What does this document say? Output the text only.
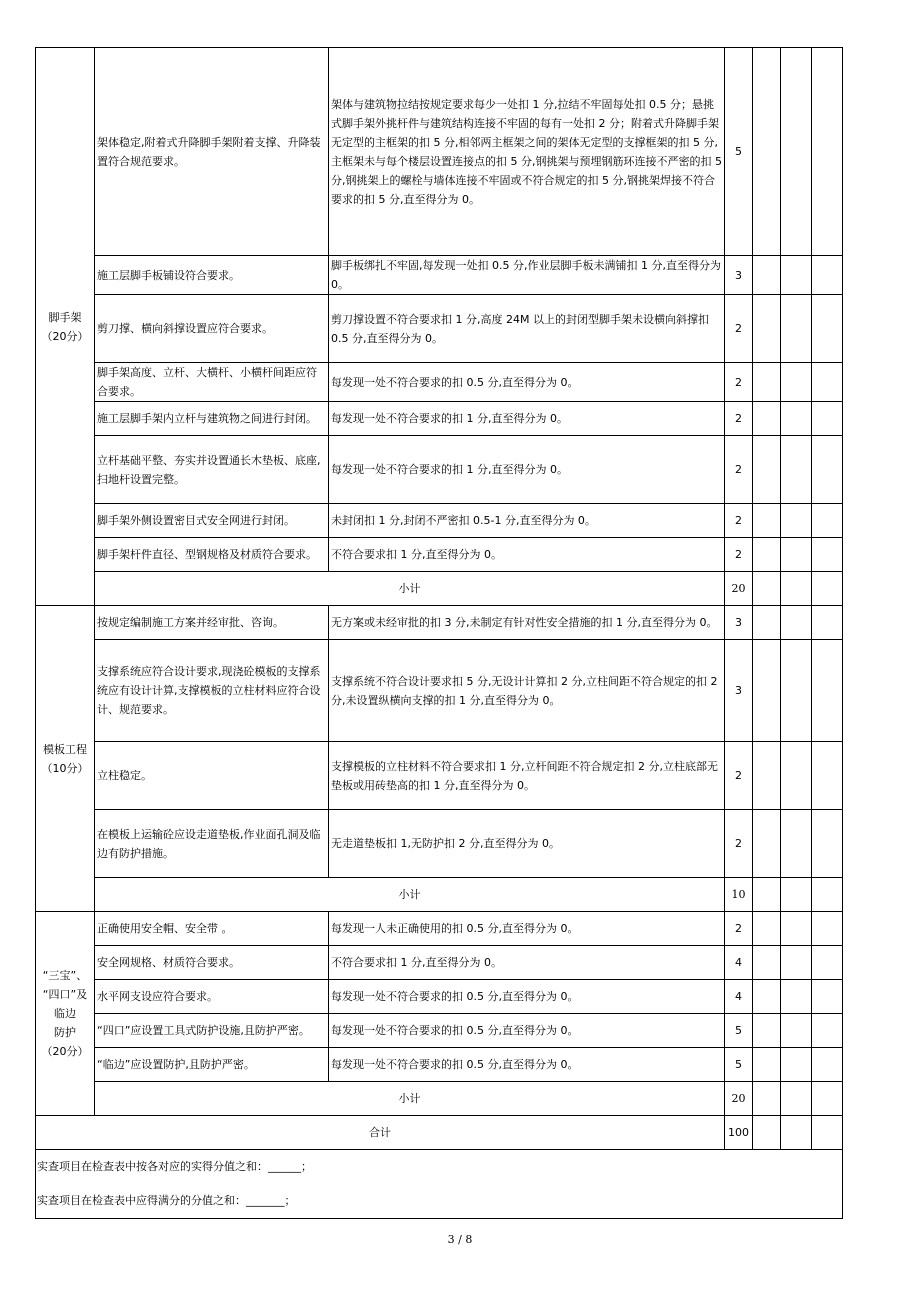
脚手架
（20分）	架体稳定,附着式升降脚手架附着支撑、升降装置符合规范要求。	架体与建筑物拉结按规定要求每少一处扣 1 分,拉结不牢固每处扣 0.5 分；悬挑式脚手架外挑杆件与建筑结构连接不牢固的每有一处扣 2 分；附着式升降脚手架无定型的主框架的扣 5 分,相邻两主框架之间的架体无定型的支撑框架的扣 5 分,主框架未与每个楼层设置连接点的扣 5 分,钢挑架与预埋钢筋环连接不严密的扣 5 分,钢挑架上的螺栓与墙体连接不牢固或不符合规定的扣 5 分,钢挑架焊接不符合要求的扣 5 分,直至得分为 0。	5			
	施工层脚手板铺设符合要求。	脚手板绑扎不牢固,每发现一处扣 0.5 分,作业层脚手板未满铺扣 1 分,直至得分为 0。	3			
	剪刀撑、横向斜撑设置应符合要求。	剪刀撑设置不符合要求扣 1 分,高度 24M 以上的封闭型脚手架未设横向斜撑扣 0.5 分,直至得分为 0。	2			
	脚手架高度、立杆、大横杆、小横杆间距应符合要求。	每发现一处不符合要求的扣 0.5 分,直至得分为 0。	2			
	施工层脚手架内立杆与建筑物之间进行封闭。	每发现一处不符合要求的扣 1 分,直至得分为 0。	2			
	立杆基础平整、夯实并设置通长木垫板、底座,扫地杆设置完整。	每发现一处不符合要求的扣 1 分,直至得分为 0。	2			
	脚手架外侧设置密目式安全网进行封闭。	未封闭扣 1 分,封闭不严密扣 0.5-1 分,直至得分为 0。	2			
	脚手架杆件直径、型钢规格及材质符合要求。	不符合要求扣 1 分,直至得分为 0。	2			
	小计		20			

模板工程
（10分）	按规定编制施工方案并经审批、咨询。	无方案或未经审批的扣 3 分,未制定有针对性安全措施的扣 1 分,直至得分为 0。	3			
	支撑系统应符合设计要求,现浇砼模板的支撑系统应有设计计算,支撑模板的立柱材料应符合设计、规范要求。	支撑系统不符合设计要求扣 5 分,无设计计算扣 2 分,立柱间距不符合规定的扣 2 分,未设置纵横向支撑的扣 1 分,直至得分为 0。	3			
	立柱稳定。	支撑模板的立柱材料不符合要求扣 1 分,立杆间距不符合规定扣 2 分,立柱底部无垫板或用砖垫高的扣 1 分,直至得分为 0。	2			
	在模板上运输砼应设走道垫板,作业面孔洞及临边有防护措施。	无走道垫板扣 1,无防护扣 2 分,直至得分为 0。	2			
	小计		10			

“三宝”、
“四口”及
临边
防护
（20分）	正确使用安全帽、安全带 。	每发现一人未正确使用的扣 0.5 分,直至得分为 0。	2			
	安全网规格、材质符合要求。	不符合要求扣 1 分,直至得分为 0。	4			
	水平网支设应符合要求。	每发现一处不符合要求的扣 0.5 分,直至得分为 0。	4			
	“四口”应设置工具式防护设施,且防护严密。	每发现一处不符合要求的扣 0.5 分,直至得分为 0。	5			
	“临边”应设置防护,且防护严密。	每发现一处不符合要求的扣 0.5 分,直至得分为 0。	5			
	小计		20			
合计			100			

实查项目在检查表中按各对应的实得分值之和：______；
实查项目在检查表中应得满分的分值之和：_______；						
3 / 8
